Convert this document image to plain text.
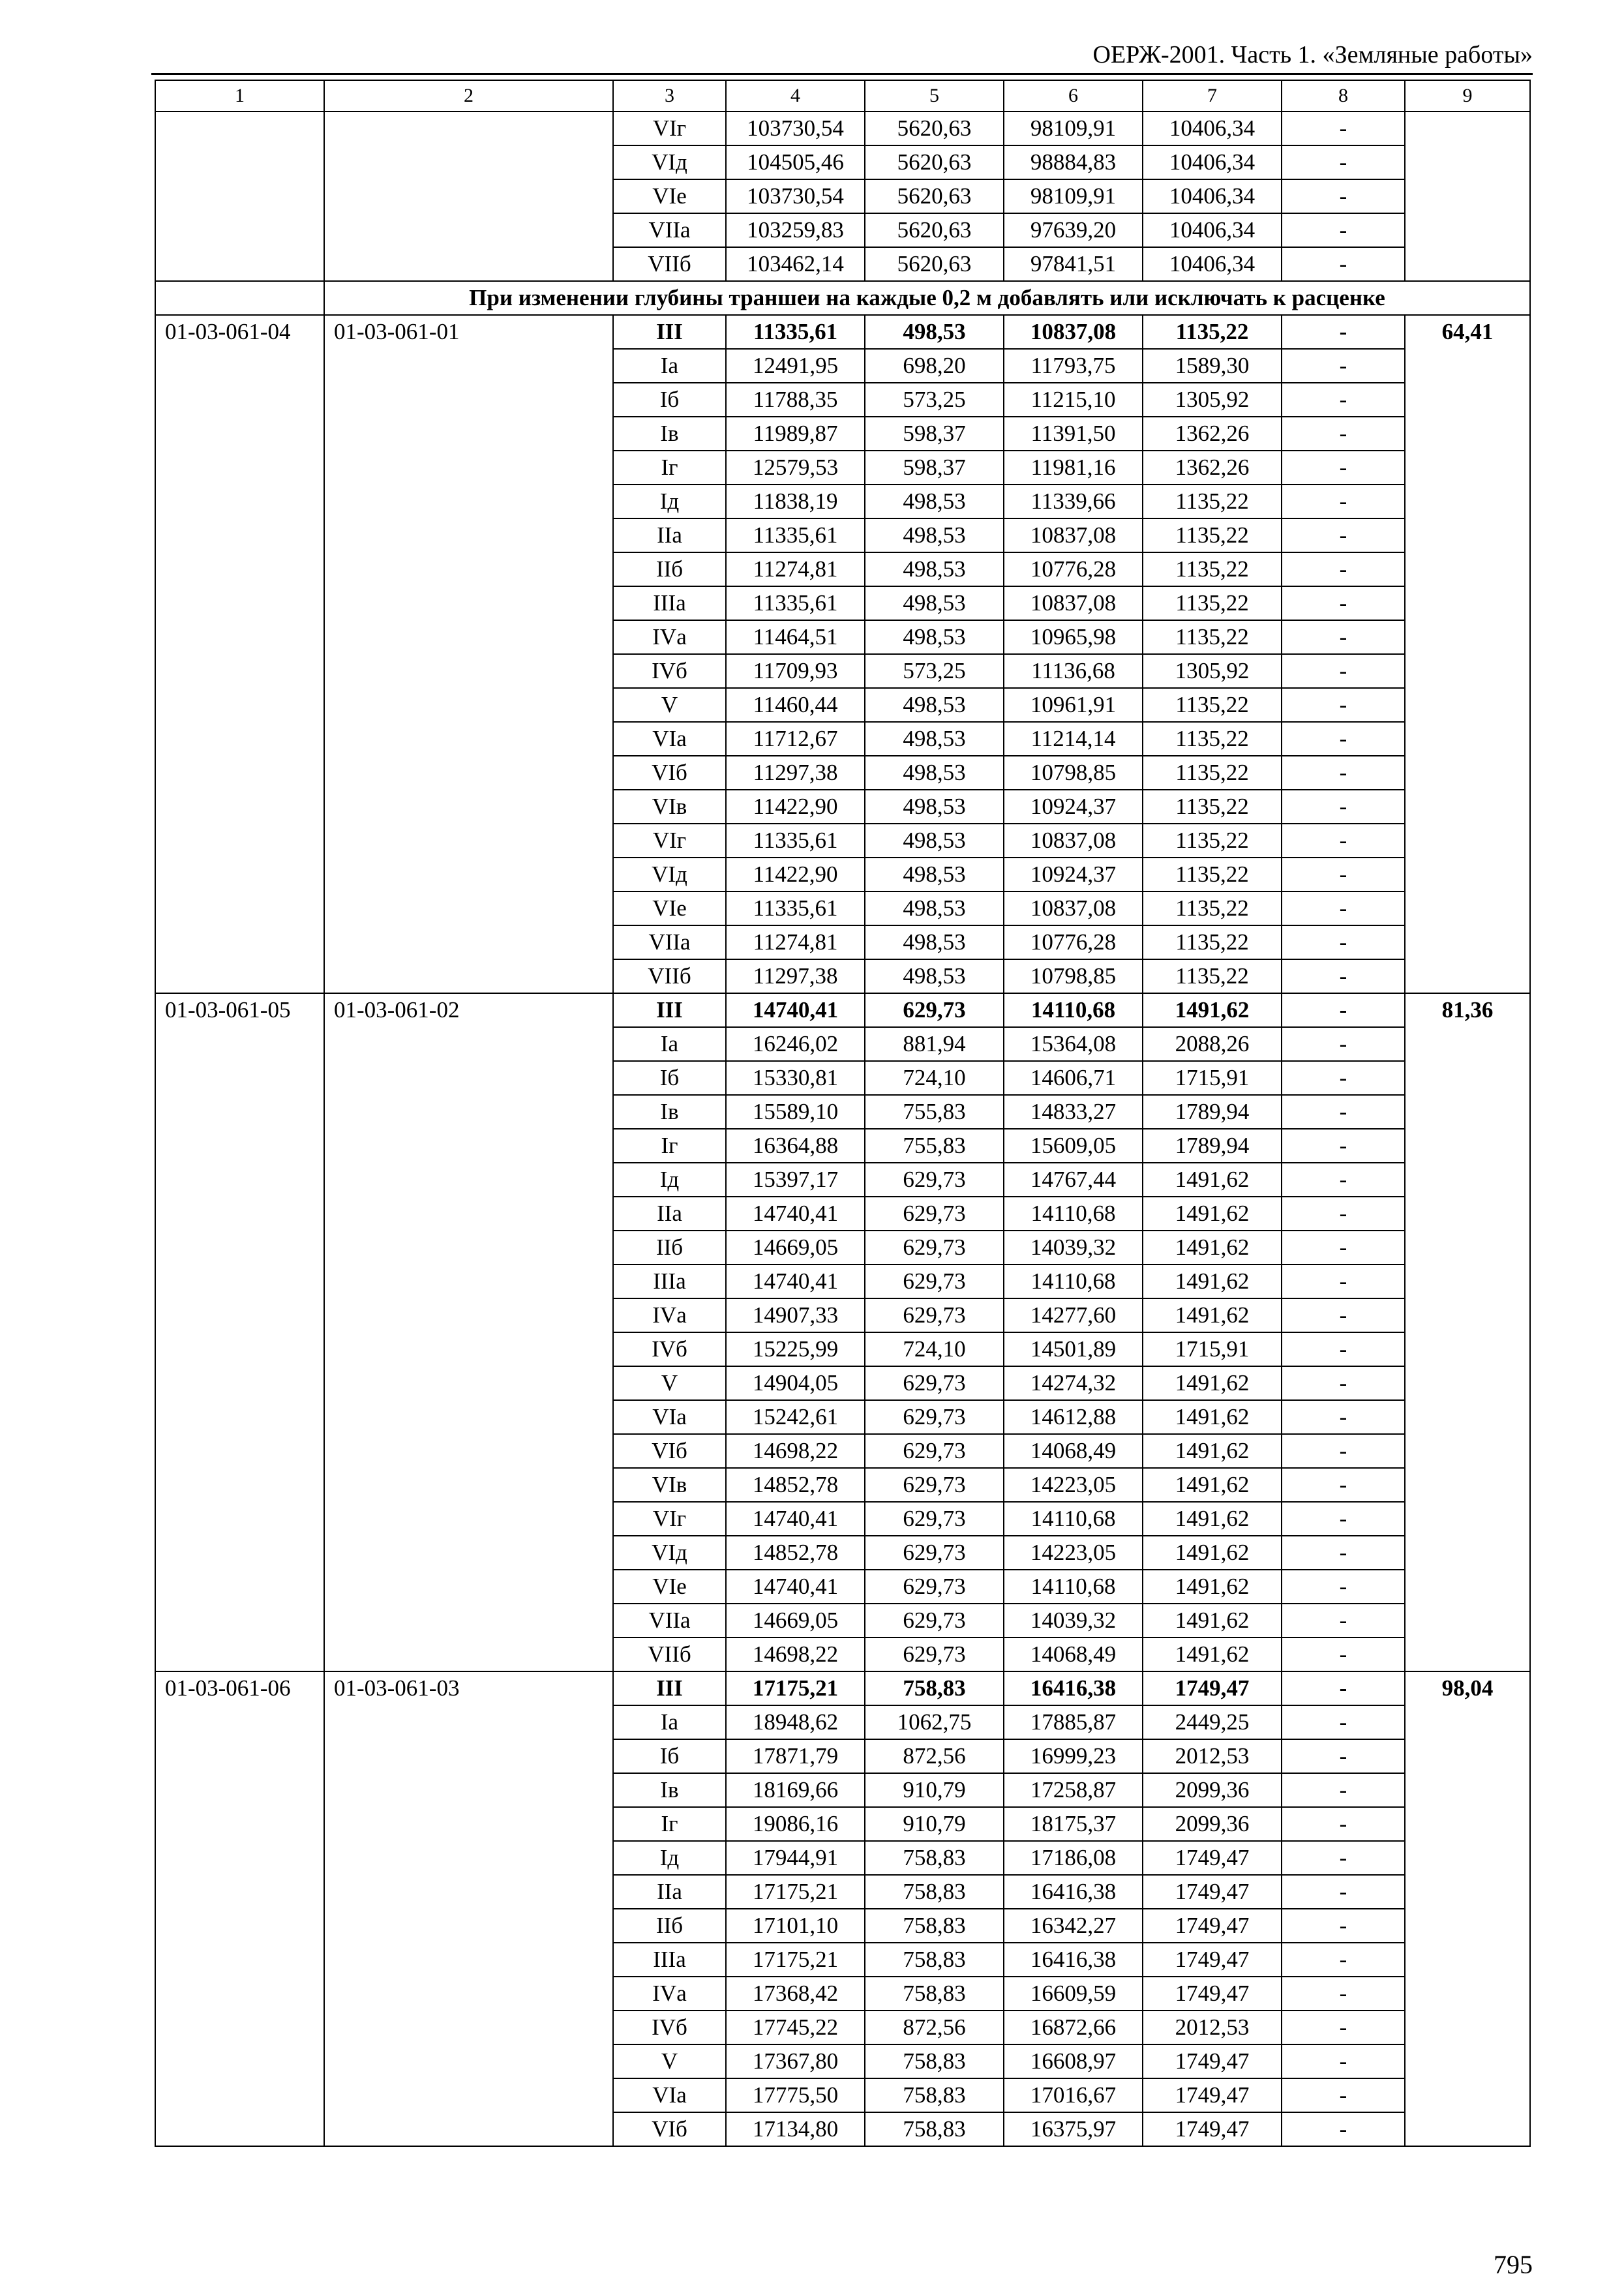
ОЕРЖ-2001. Часть 1. «Земляные работы»
1	2	3	4	5	6	7	8	9
		VIг	103730,54	5620,63	98109,91	10406,34	-	
		VIд	104505,46	5620,63	98884,83	10406,34	-	
		VIе	103730,54	5620,63	98109,91	10406,34	-	
		VIIа	103259,83	5620,63	97639,20	10406,34	-	
		VIIб	103462,14	5620,63	97841,51	10406,34	-	
	При изменении глубины траншеи на каждые 0,2 м добавлять или исключать к расценке							
01-03-061-04	01-03-061-01	III	11335,61	498,53	10837,08	1135,22	-	64,41
		Iа	12491,95	698,20	11793,75	1589,30	-	
		Iб	11788,35	573,25	11215,10	1305,92	-	
		Iв	11989,87	598,37	11391,50	1362,26	-	
		Iг	12579,53	598,37	11981,16	1362,26	-	
		Iд	11838,19	498,53	11339,66	1135,22	-	
		IIа	11335,61	498,53	10837,08	1135,22	-	
		IIб	11274,81	498,53	10776,28	1135,22	-	
		IIIа	11335,61	498,53	10837,08	1135,22	-	
		IVа	11464,51	498,53	10965,98	1135,22	-	
		IVб	11709,93	573,25	11136,68	1305,92	-	
		V	11460,44	498,53	10961,91	1135,22	-	
		VIа	11712,67	498,53	11214,14	1135,22	-	
		VIб	11297,38	498,53	10798,85	1135,22	-	
		VIв	11422,90	498,53	10924,37	1135,22	-	
		VIг	11335,61	498,53	10837,08	1135,22	-	
		VIд	11422,90	498,53	10924,37	1135,22	-	
		VIе	11335,61	498,53	10837,08	1135,22	-	
		VIIа	11274,81	498,53	10776,28	1135,22	-	
		VIIб	11297,38	498,53	10798,85	1135,22	-	
01-03-061-05	01-03-061-02	III	14740,41	629,73	14110,68	1491,62	-	81,36
		Iа	16246,02	881,94	15364,08	2088,26	-	
		Iб	15330,81	724,10	14606,71	1715,91	-	
		Iв	15589,10	755,83	14833,27	1789,94	-	
		Iг	16364,88	755,83	15609,05	1789,94	-	
		Iд	15397,17	629,73	14767,44	1491,62	-	
		IIа	14740,41	629,73	14110,68	1491,62	-	
		IIб	14669,05	629,73	14039,32	1491,62	-	
		IIIа	14740,41	629,73	14110,68	1491,62	-	
		IVа	14907,33	629,73	14277,60	1491,62	-	
		IVб	15225,99	724,10	14501,89	1715,91	-	
		V	14904,05	629,73	14274,32	1491,62	-	
		VIа	15242,61	629,73	14612,88	1491,62	-	
		VIб	14698,22	629,73	14068,49	1491,62	-	
		VIв	14852,78	629,73	14223,05	1491,62	-	
		VIг	14740,41	629,73	14110,68	1491,62	-	
		VIд	14852,78	629,73	14223,05	1491,62	-	
		VIе	14740,41	629,73	14110,68	1491,62	-	
		VIIа	14669,05	629,73	14039,32	1491,62	-	
		VIIб	14698,22	629,73	14068,49	1491,62	-	
01-03-061-06	01-03-061-03	III	17175,21	758,83	16416,38	1749,47	-	98,04
		Iа	18948,62	1062,75	17885,87	2449,25	-	
		Iб	17871,79	872,56	16999,23	2012,53	-	
		Iв	18169,66	910,79	17258,87	2099,36	-	
		Iг	19086,16	910,79	18175,37	2099,36	-	
		Iд	17944,91	758,83	17186,08	1749,47	-	
		IIа	17175,21	758,83	16416,38	1749,47	-	
		IIб	17101,10	758,83	16342,27	1749,47	-	
		IIIа	17175,21	758,83	16416,38	1749,47	-	
		IVа	17368,42	758,83	16609,59	1749,47	-	
		IVб	17745,22	872,56	16872,66	2012,53	-	
		V	17367,80	758,83	16608,97	1749,47	-	
		VIа	17775,50	758,83	17016,67	1749,47	-	
		VIб	17134,80	758,83	16375,97	1749,47	-	
795
